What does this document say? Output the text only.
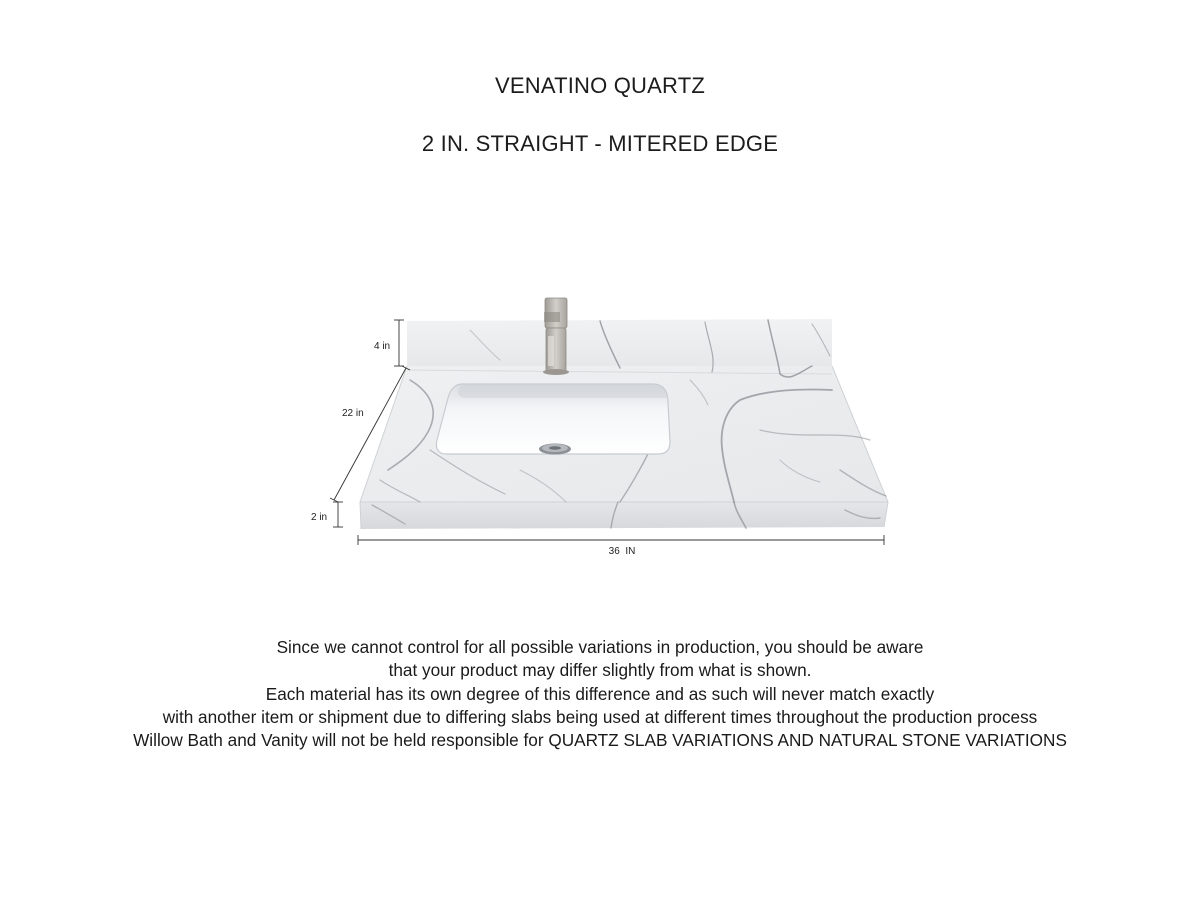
VENATINO QUARTZ
2 IN. STRAIGHT - MITERED EDGE
4 in
22 in
2 in
36  IN
Since we cannot control for all possible variations in production, you should be aware
that your product may differ slightly from what is shown.
Each material has its own degree of this difference and as such will never match exactly
with another item or shipment due to differing slabs being used at different times throughout the production process
Willow Bath and Vanity will not be held responsible for QUARTZ SLAB VARIATIONS AND NATURAL STONE VARIATIONS
